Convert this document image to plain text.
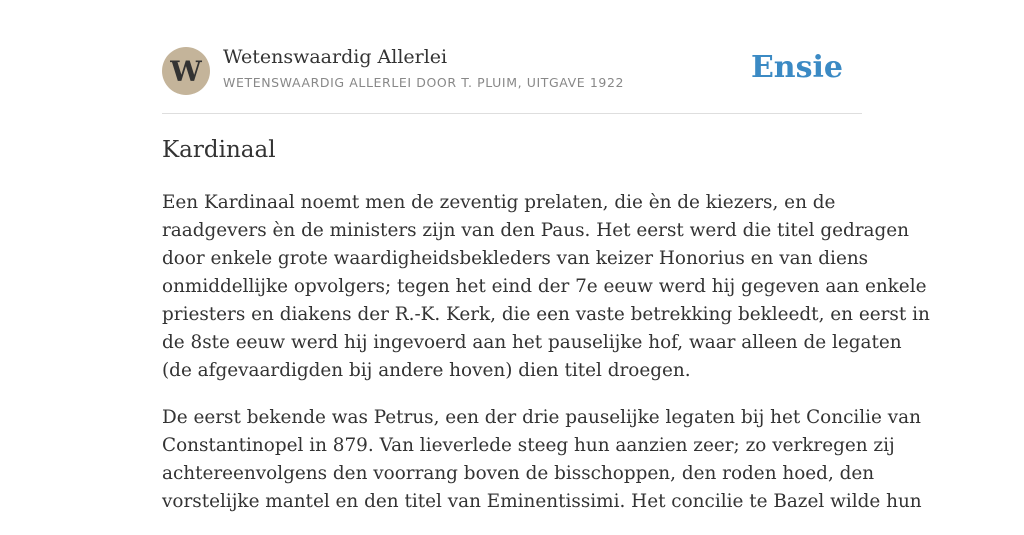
W	Wetenswaardig Allerlei
WETENSWAARDIG ALLERLEI DOOR T. PLUIM, UITGAVE 1922	Ensie
Kardinaal

Een Kardinaal noemt men de zeventig prelaten, die èn de kiezers, en de
raadgevers èn de ministers zijn van den Paus. Het eerst werd die titel gedragen
door enkele grote waardigheidsbekleders van keizer Honorius en van diens
onmiddellijke opvolgers; tegen het eind der 7e eeuw werd hij gegeven aan enkele
priesters en diakens der R.-K. Kerk, die een vaste betrekking bekleedt, en eerst in
de 8ste eeuw werd hij ingevoerd aan het pauselijke hof, waar alleen de legaten
(de afgevaardigden bij andere hoven) dien titel droegen.

De eerst bekende was Petrus, een der drie pauselijke legaten bij het Concilie van
Constantinopel in 879. Van lieverlede steeg hun aanzien zeer; zo verkregen zij
achtereenvolgens den voorrang boven de bisschoppen, den roden hoed, den
vorstelijke mantel en den titel van Eminentissimi. Het concilie te Bazel wilde hun
